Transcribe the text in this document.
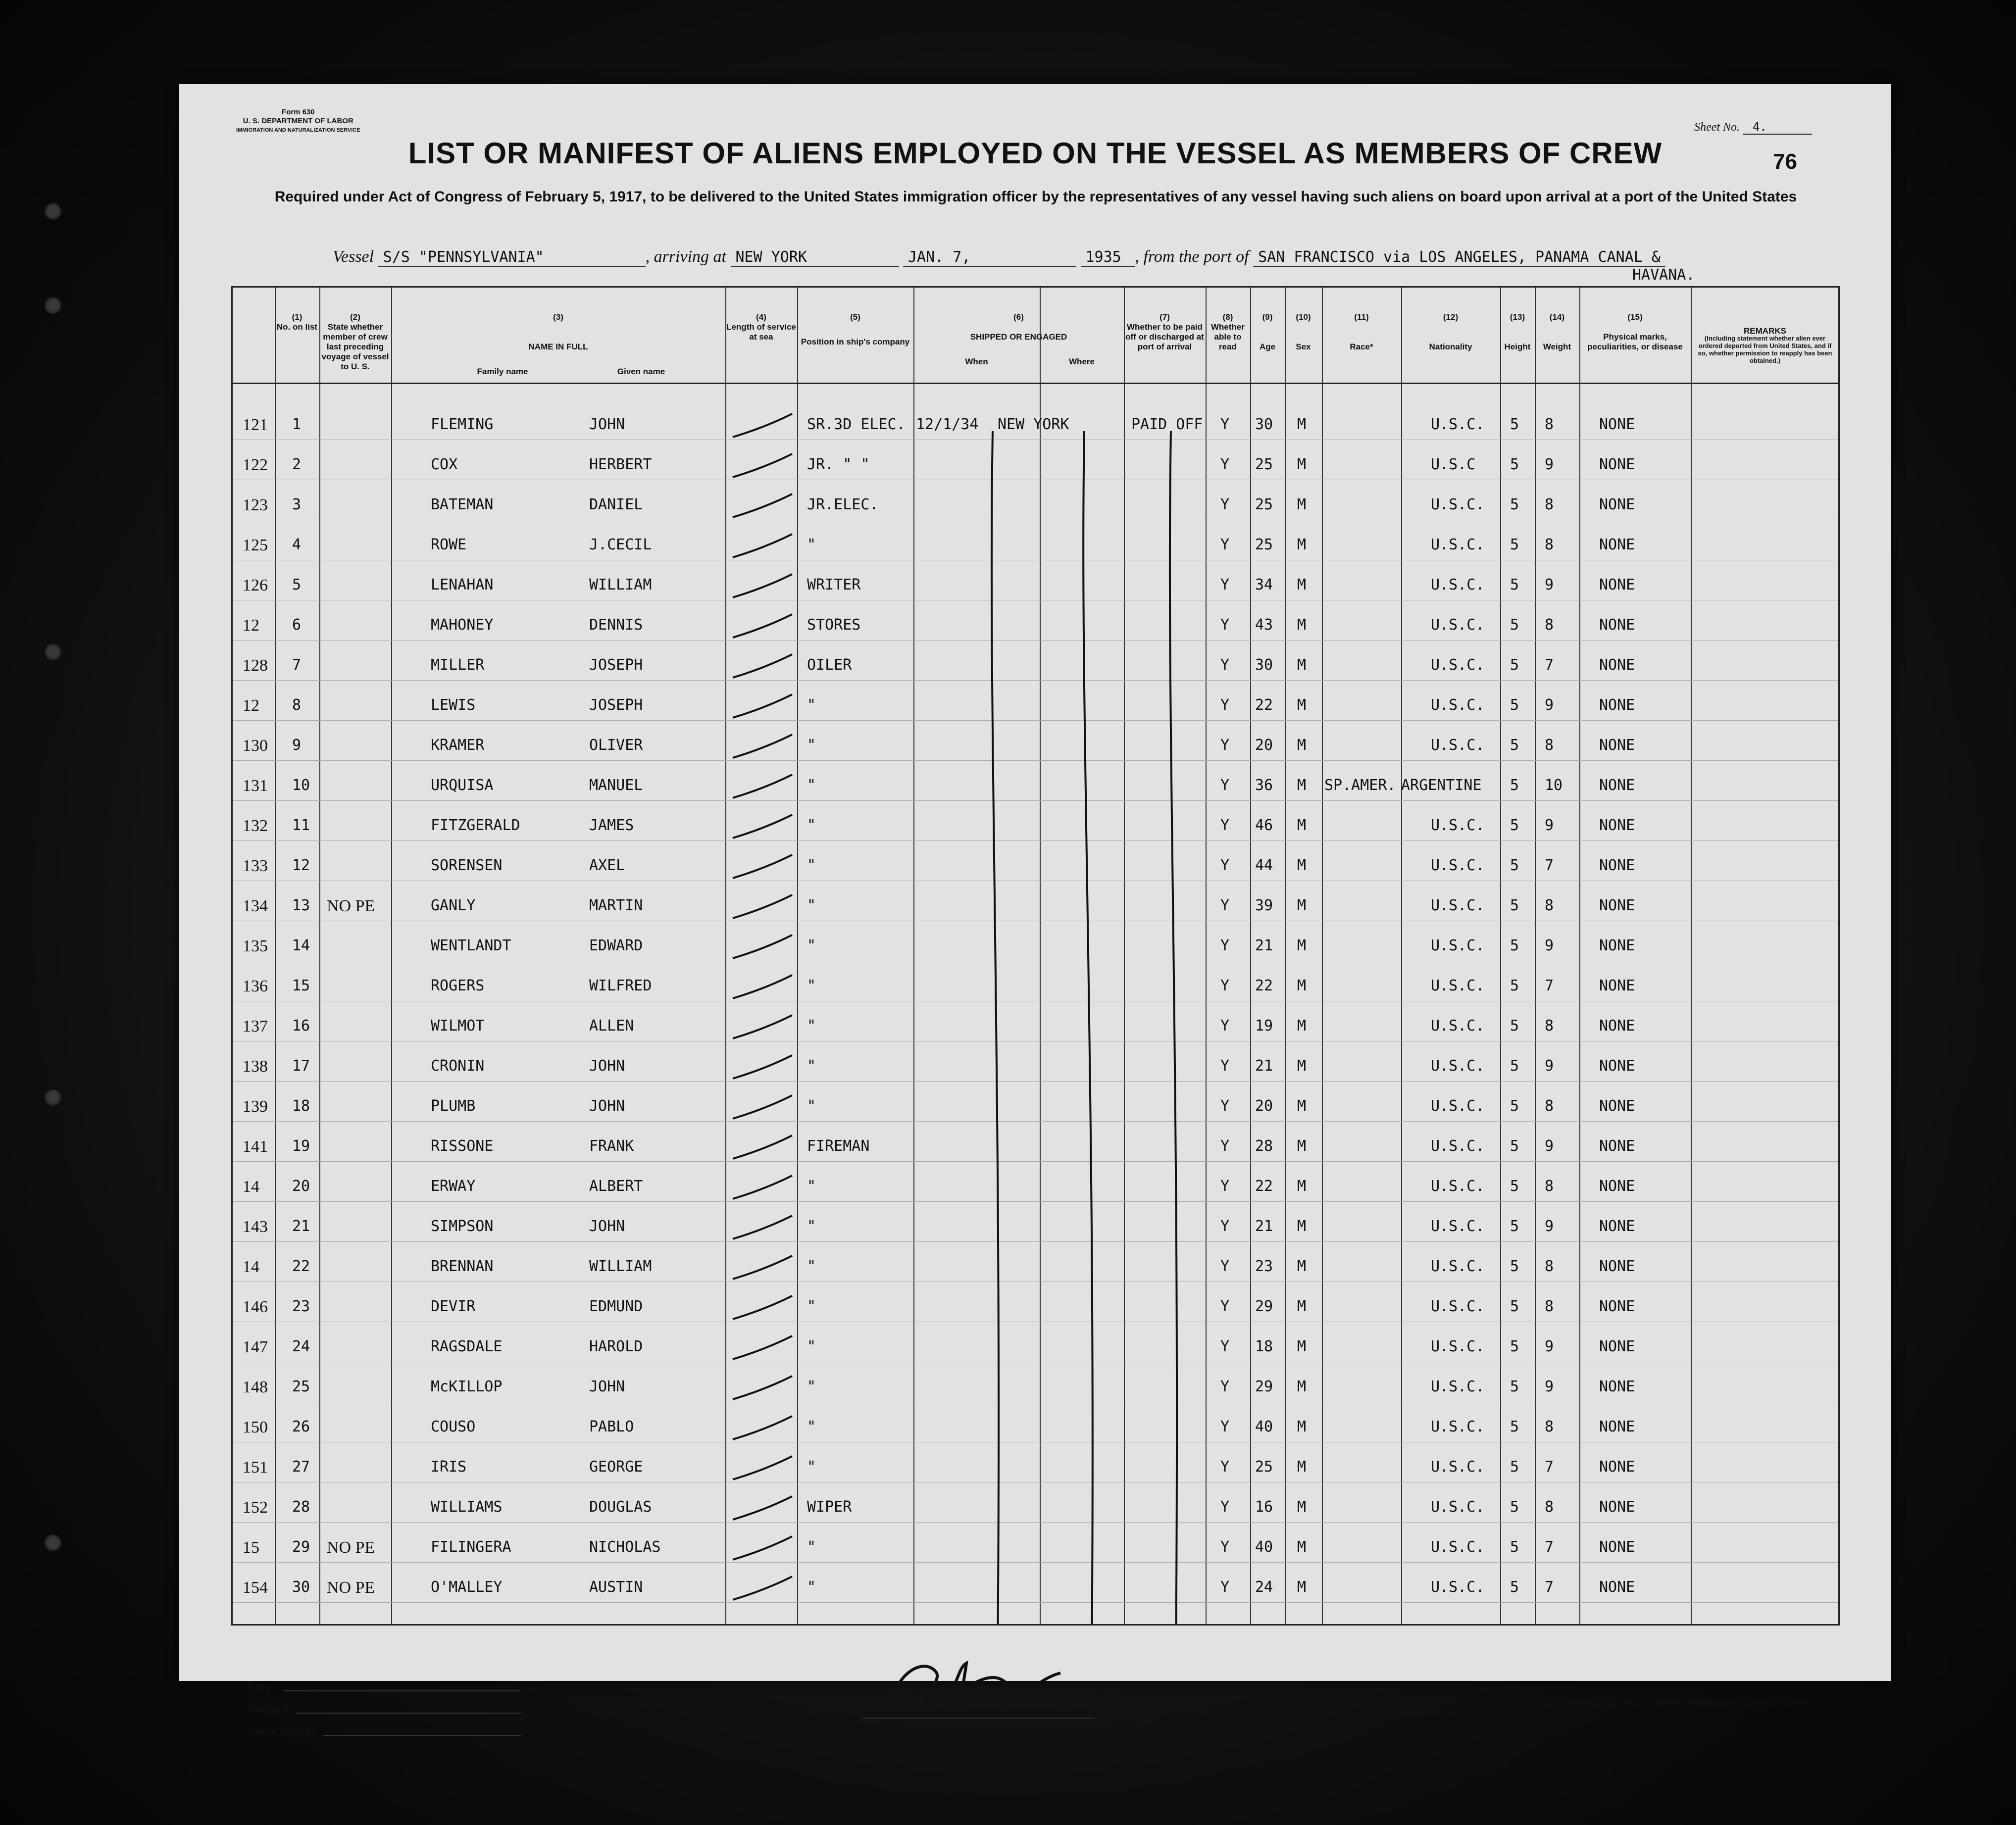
Form 630
U. S. DEPARTMENT OF LABOR
IMMIGRATION AND NATURALIZATION SERVICE	Sheet No. 4.
76
LIST OR MANIFEST OF ALIENS EMPLOYED ON THE VESSEL AS MEMBERS OF CREW
Required under Act of Congress of February 5, 1917, to be delivered to the United States immigration officer by the representatives of any vessel having such aliens on board upon arrival at a port of the United States
Vessel S/S "PENNSYLVANIA"	, arriving at NEW YORK	JAN. 7,	1935 , from the port of SAN FRANCISCO via LOS ANGELES, PANAMA CANAL &
HAVANA.
(1)
No. on list
(2)
State whether member of crew last preceding voyage of vessel to U. S.
(3)
NAME IN FULL
Family name	Given name
(4)
Length of service at sea
(5)
Position in ship's company
(6)
SHIPPED OR ENGAGED
When	Where
(7)
Whether to be paid off or discharged at port of arrival
(8)
Whether able to read
(9)
Age
(10)
Sex
(11)
Race*
(12)
Nationality
(13)
Height
(14)
Weight
(15)
Physical marks, peculiarities, or disease
REMARKS
(Including statement whether alien ever ordered deported from United States, and if so, whether permission to reapply has been obtained.)
121 1	FLEMING	JOHN	SR.3D ELEC. 12/1/34 NEW YORK	PAID OFF Y 30 M	U.S.C. 5 8	NONE
122 2	COX	HERBERT	JR. " "	Y 25 M	U.S.C 5 9	NONE
123 3	BATEMAN	DANIEL	JR.ELEC.	Y 25 M	U.S.C. 5 8	NONE
125 4	ROWE	J.CECIL	"	Y 25 M	U.S.C. 5 8	NONE
126 5	LENAHAN	WILLIAM	WRITER	Y 34 M	U.S.C. 5 9	NONE
12 6	MAHONEY	DENNIS	STORES	Y 43 M	U.S.C. 5 8	NONE
128 7	MILLER	JOSEPH	OILER	Y 30 M	U.S.C. 5 7	NONE
12 8	LEWIS	JOSEPH	"	Y 22 M	U.S.C. 5 9	NONE
130 9	KRAMER	OLIVER	"	Y 20 M	U.S.C. 5 8	NONE
131 10	URQUISA	MANUEL	"	Y 36 M SP.AMER. ARGENTINE 5 10 NONE
132 11	FITZGERALD	JAMES	"	Y 46 M	U.S.C. 5 9	NONE
133 12	SORENSEN	AXEL	"	Y 44 M	U.S.C. 5 7	NONE
134 13 NO PE	GANLY	MARTIN	"	Y 39 M	U.S.C. 5 8	NONE
135 14	WENTLANDT	EDWARD	"	Y 21 M	U.S.C. 5 9	NONE
136 15	ROGERS	WILFRED	"	Y 22 M	U.S.C. 5 7	NONE
137 16	WILMOT	ALLEN	"	Y 19 M	U.S.C. 5 8	NONE
138 17	CRONIN	JOHN	"	Y 21 M	U.S.C. 5 9	NONE
139 18	PLUMB	JOHN	"	Y 20 M	U.S.C. 5 8	NONE
141 19	RISSONE	FRANK	FIREMAN	Y 28 M	U.S.C. 5 9	NONE
14 20	ERWAY	ALBERT	"	Y 22 M	U.S.C. 5 8	NONE
143 21	SIMPSON	JOHN	"	Y 21 M	U.S.C. 5 9	NONE
14 22	BRENNAN	WILLIAM	"	Y 23 M	U.S.C. 5 8	NONE
146 23	DEVIR	EDMUND	"	Y 29 M	U.S.C. 5 8	NONE
147 24	RAGSDALE	HAROLD	"	Y 18 M	U.S.C. 5 9	NONE
148 25	McKILLOP	JOHN	"	Y 29 M	U.S.C. 5 9	NONE
150 26	COUSO	PABLO	"	Y 40 M	U.S.C. 5 8	NONE
151 27	IRIS	GEORGE	"	Y 25 M	U.S.C. 5 7	NONE
152 28	WILLIAMS	DOUGLAS	WIPER	Y 16 M	U.S.C. 5 8	NONE
15 29 NO PE	FILINGERA	NICHOLAS	"	Y 40 M	U.S.C. 5 7	NONE
154 30 NO PE	O'MALLEY	AUSTIN	"	Y 24 M	U.S.C. 5 7	NONE
Line
Owners
Local Agents	Immigrant Inspector.
*See list of races on back hereof.
NOTE.—Failure to furnish full or correct information in columns (3), (6), (7), and (8) is punishable by a fine of ten dollars for each alien. See other side.
